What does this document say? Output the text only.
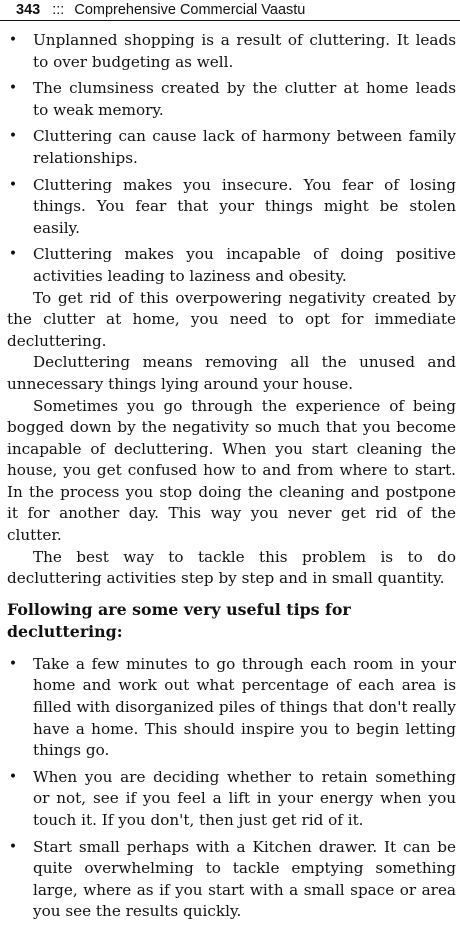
343 ::: Comprehensive Commercial Vaastu
• Unplanned shopping is a result of cluttering. It leads to over budgeting as well.
• The clumsiness created by the clutter at home leads to weak memory.
• Cluttering can cause lack of harmony between family relationships.
• Cluttering makes you insecure. You fear of losing things. You fear that your things might be stolen easily.
• Cluttering makes you incapable of doing positive activities leading to laziness and obesity.

To get rid of this overpowering negativity created by the clutter at home, you need to opt for immediate decluttering.

Decluttering means removing all the unused and unnecessary things lying around your house.

Sometimes you go through the experience of being bogged down by the negativity so much that you become incapable of decluttering. When you start cleaning the house, you get confused how to and from where to start. In the process you stop doing the cleaning and postpone it for another day. This way you never get rid of the clutter.

The best way to tackle this problem is to do decluttering activities step by step and in small quantity.

Following are some very useful tips for decluttering:
• Take a few minutes to go through each room in your home and work out what percentage of each area is filled with disorganized piles of things that don't really have a home. This should inspire you to begin letting things go.
• When you are deciding whether to retain something or not, see if you feel a lift in your energy when you touch it. If you don't, then just get rid of it.
• Start small perhaps with a Kitchen drawer. It can be quite overwhelming to tackle emptying something large, where as if you start with a small space or area you see the results quickly.
